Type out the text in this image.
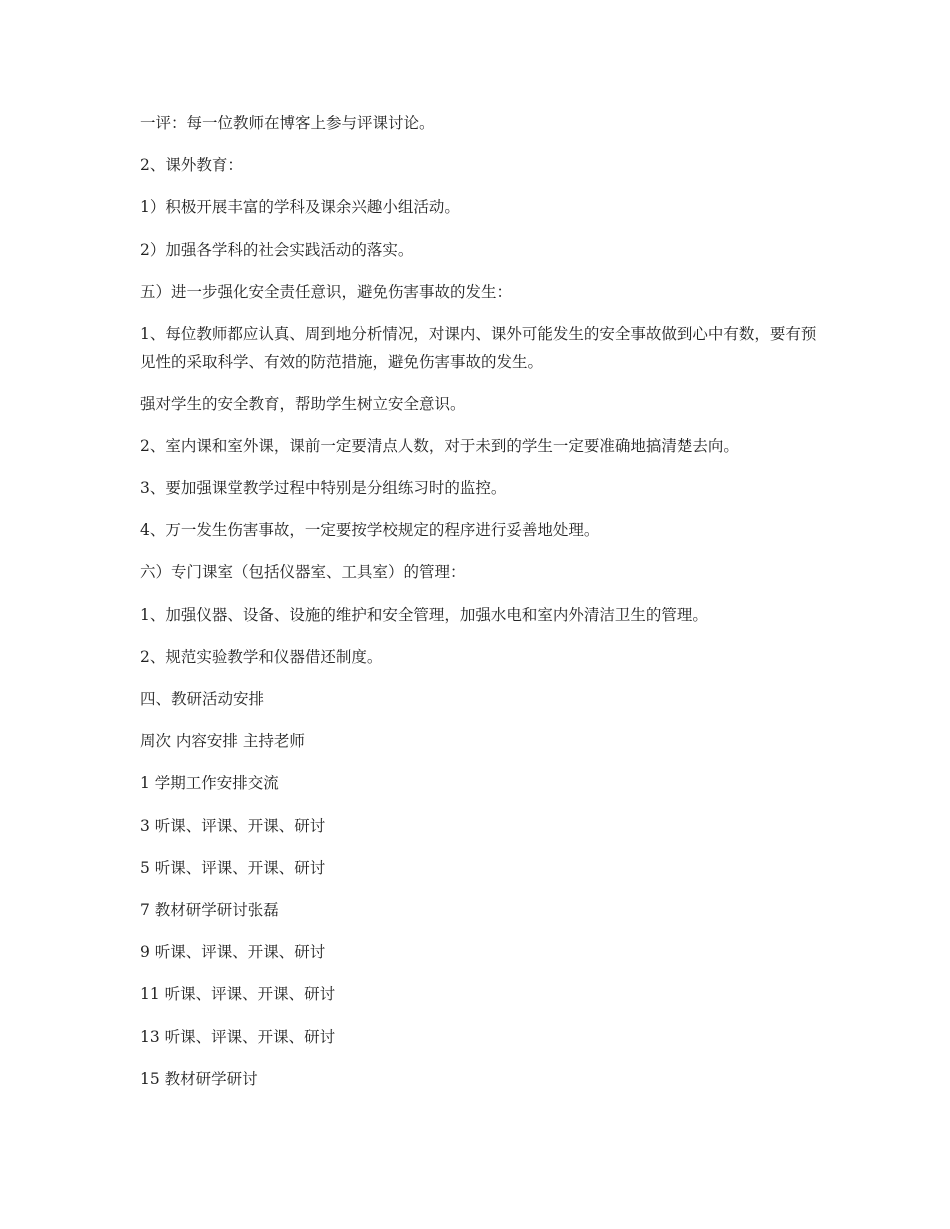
一评：每一位教师在博客上参与评课讨论。

2、课外教育：

1）积极开展丰富的学科及课余兴趣小组活动。

2）加强各学科的社会实践活动的落实。

五）进一步强化安全责任意识，避免伤害事故的发生：

1、每位教师都应认真、周到地分析情况，对课内、课外可能发生的安全事故做到心中有数，要有预见性的采取科学、有效的防范措施，避免伤害事故的发生。

强对学生的安全教育，帮助学生树立安全意识。

2、室内课和室外课，课前一定要清点人数，对于未到的学生一定要准确地搞清楚去向。

3、要加强课堂教学过程中特别是分组练习时的监控。

4、万一发生伤害事故，一定要按学校规定的程序进行妥善地处理。

六）专门课室（包括仪器室、工具室）的管理：

1、加强仪器、设备、设施的维护和安全管理，加强水电和室内外清洁卫生的管理。

2、规范实验教学和仪器借还制度。

四、教研活动安排

周次 内容安排 主持老师

1 学期工作安排交流

3 听课、评课、开课、研讨

5 听课、评课、开课、研讨

7 教材研学研讨张磊

9 听课、评课、开课、研讨

11 听课、评课、开课、研讨

13 听课、评课、开课、研讨

15 教材研学研讨
